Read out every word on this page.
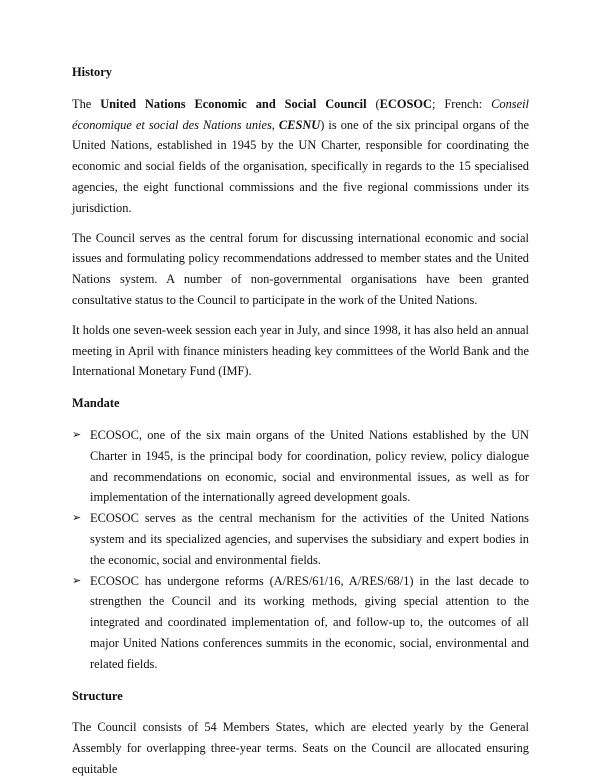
History

The United Nations Economic and Social Council (ECOSOC; French: Conseil économique et social des Nations unies, CESNU) is one of the six principal organs of the United Nations, established in 1945 by the UN Charter, responsible for coordinating the economic and social fields of the organisation, specifically in regards to the 15 specialised agencies, the eight functional commissions and the five regional commissions under its jurisdiction.

The Council serves as the central forum for discussing international economic and social issues and formulating policy recommendations addressed to member states and the United Nations system. A number of non-governmental organisations have been granted consultative status to the Council to participate in the work of the United Nations.

It holds one seven-week session each year in July, and since 1998, it has also held an annual meeting in April with finance ministers heading key committees of the World Bank and the International Monetary Fund (IMF).

Mandate
➢ ECOSOC, one of the six main organs of the United Nations established by the UN Charter in 1945, is the principal body for coordination, policy review, policy dialogue and recommendations on economic, social and environmental issues, as well as for implementation of the internationally agreed development goals.
➢ ECOSOC serves as the central mechanism for the activities of the United Nations system and its specialized agencies, and supervises the subsidiary and expert bodies in the economic, social and environmental fields.
➢ ECOSOC has undergone reforms (A/RES/61/16, A/RES/68/1) in the last decade to strengthen the Council and its working methods, giving special attention to the integrated and coordinated implementation of, and follow-up to, the outcomes of all major United Nations conferences summits in the economic, social, environmental and related fields.
Structure

The Council consists of 54 Members States, which are elected yearly by the General Assembly for overlapping three-year terms. Seats on the Council are allocated ensuring equitable
